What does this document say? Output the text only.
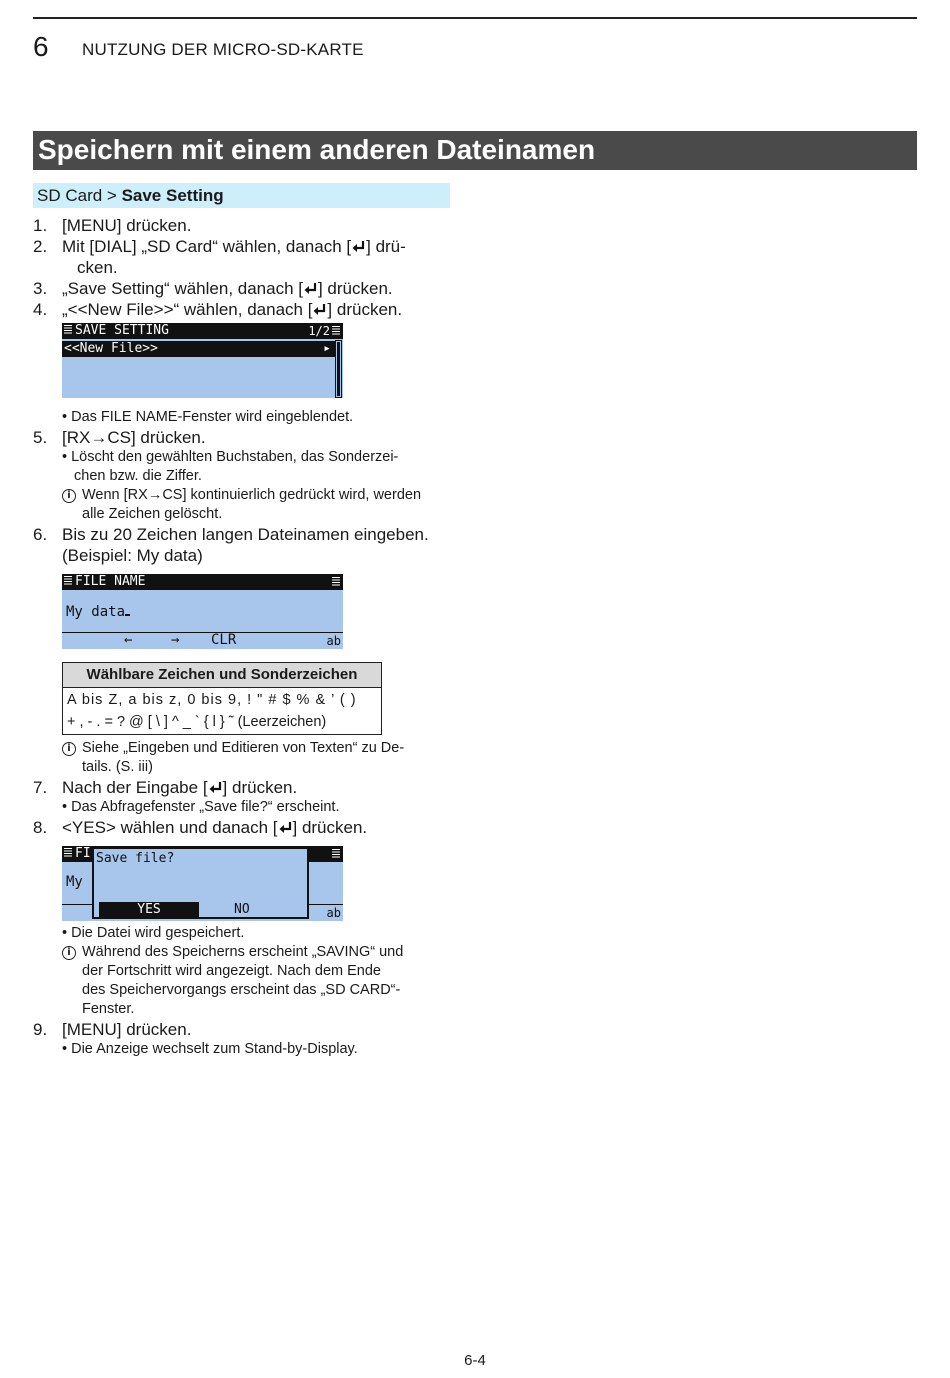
6 NUTZUNG DER MICRO-SD-KARTE
Speichern mit einem anderen Dateinamen
SD Card > Save Setting
1. [MENU] drücken.
2. Mit [DIAL] „SD Card“ wählen, danach [ ] drü-
cken.
3. „Save Setting“ wählen, danach [ ] drücken.
4. „<<New File>>“ wählen, danach [ ] drücken.
SAVE SETTING	1/2
<<New File>>	▸
• Das FILE NAME-Fenster wird eingeblendet.
5. [RX→CS] drücken.
• Löscht den gewählten Buchstaben, das Sonderzei-
chen bzw. die Ziffer.
i Wenn [RX→CS] kontinuierlich gedrückt wird, werden
alle Zeichen gelöscht.
6. Bis zu 20 Zeichen langen Dateinamen eingeben.
(Beispiel: My data)
FILE NAME
My data
←	→ CLR	ab
Wählbare Zeichen und Sonderzeichen
A bis Z, a bis z, 0 bis 9, ! " # $ % & ’ ( )
+ , - . = ? @ [ \ ] ^ _ ` { l } ˜ (Leerzeichen)
i Siehe „Eingeben und Editieren von Texten“ zu De-
tails. (S. iii)
7. Nach der Eingabe [ ] drücken.
• Das Abfragefenster „Save file?“ erscheint.
8. <YES> wählen und danach [ ] drücken.
FI
My
ab
Save file?
YES	NO
• Die Datei wird gespeichert.
i Während des Speicherns erscheint „SAVING“ und
der Fortschritt wird angezeigt. Nach dem Ende
des Speichervorgangs erscheint das „SD CARD“-
Fenster.
9. [MENU] drücken.
• Die Anzeige wechselt zum Stand-by-Display.
6-4
